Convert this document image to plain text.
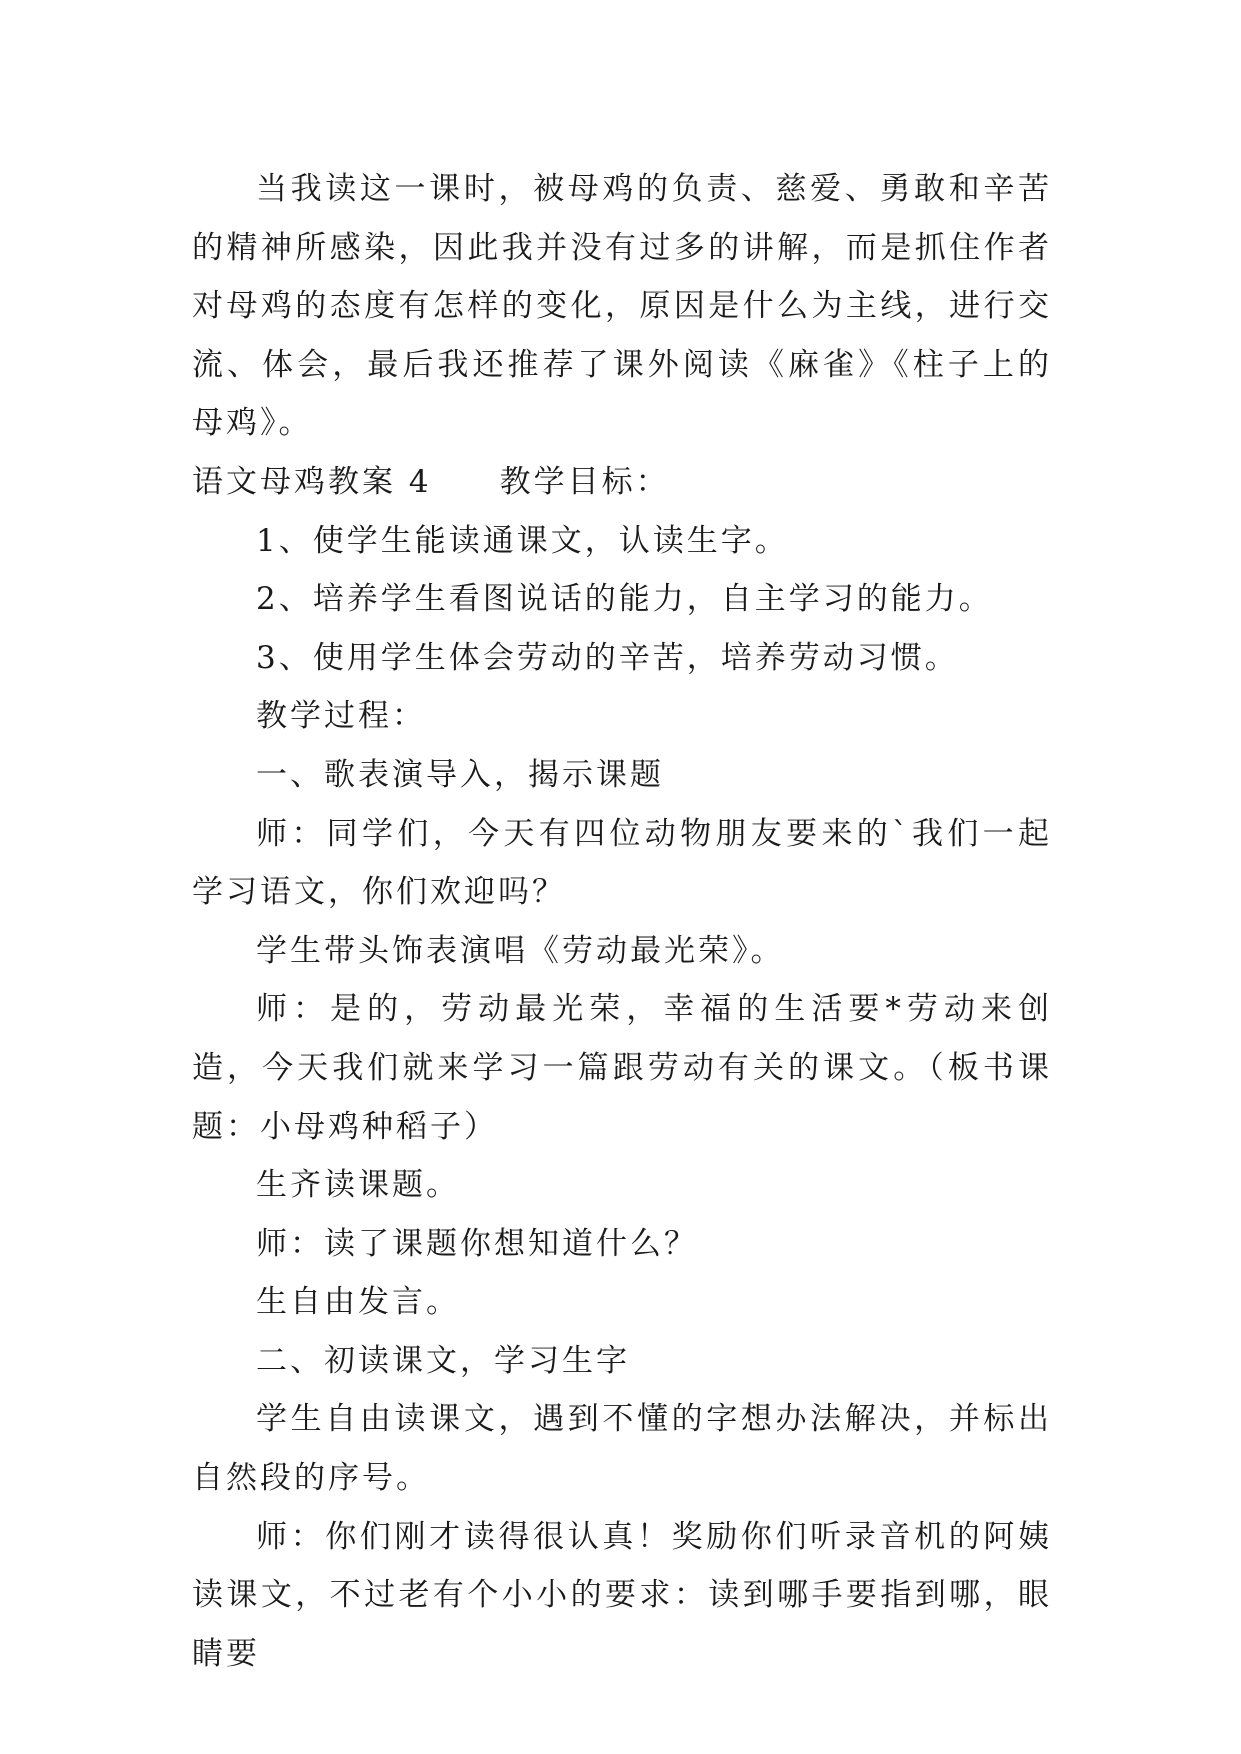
当我读这一课时，被母鸡的负责、慈爱、勇敢和辛苦的精神所感染，因此我并没有过多的讲解，而是抓住作者对母鸡的态度有怎样的变化，原因是什么为主线，进行交流、体会，最后我还推荐了课外阅读《麻雀》《柱子上的母鸡》。

语文母鸡教案 4 教学目标：

1、使学生能读通课文，认读生字。

2、培养学生看图说话的能力，自主学习的能力。

3、使用学生体会劳动的辛苦，培养劳动习惯。

教学过程：

一、歌表演导入，揭示课题

师：同学们，今天有四位动物朋友要来的`我们一起学习语文，你们欢迎吗？

学生带头饰表演唱《劳动最光荣》。

师：是的，劳动最光荣，幸福的生活要*劳动来创造，今天我们就来学习一篇跟劳动有关的课文。（板书课题：小母鸡种稻子）

生齐读课题。

师：读了课题你想知道什么？

生自由发言。

二、初读课文，学习生字

学生自由读课文，遇到不懂的字想办法解决，并标出自然段的序号。

师：你们刚才读得很认真！奖励你们听录音机的阿姨读课文，不过老有个小小的要求：读到哪手要指到哪，眼睛要
